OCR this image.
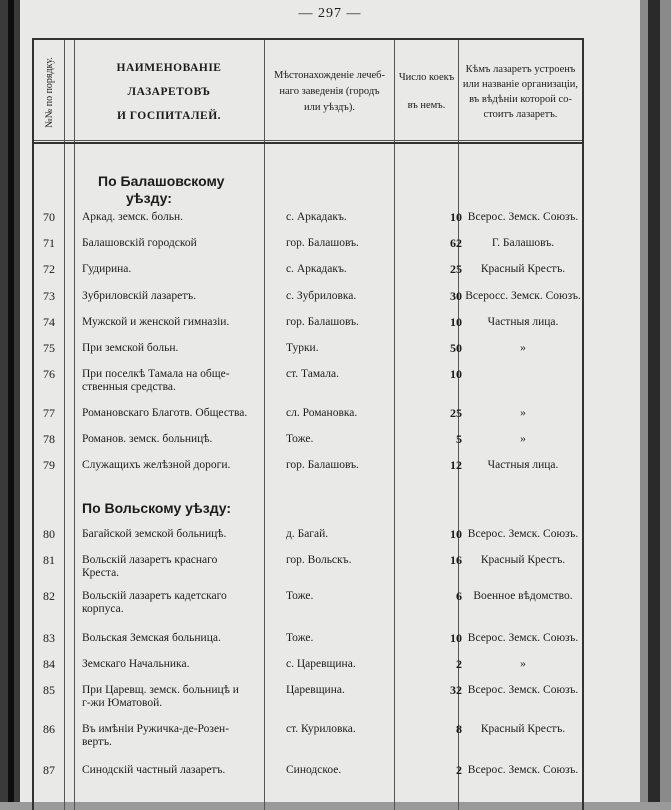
— 297 —
№№ по порядку.	НАИМЕНОВАНIЕ ЛАЗАРЕТОВЪ
И ГОСПИТАЛЕЙ.
Мѣстонахожденiе лечеб-
наго заведенiя (городъ
или уѣздъ).
Число коекъ
въ немъ.
Кѣмъ лазаретъ устроенъ
или названiе организацiи,
въ вѣдѣнiи которой со-
стоитъ лазаретъ.
По Балашовскому
уѣзду:
70	Аркад. земск. больн.	с. Аркадакъ.	10 Всерос. Земск. Союзъ.
71	Балашовскiй городской	гор. Балашовъ.	62	Г. Балашовъ.
72	Гудирина.	с. Аркадакъ.	25	Красный Крестъ.
73	Зубриловскiй лазаретъ.	с. Зубриловка.	30 Всеросс. Земск. Союзъ.
74	Мужской и женской гимназiи.	гор. Балашовъ.	10	Частныя лица.
75	При земской больн.	Турки.	50	»
76	При поселкѣ Тамала на обще-
ственныя средства.
ст. Тамала.	10
77	Романовскаго Благотв. Общества.	сл. Романовка.	25	»
78	Романов. земск. больницѣ.	Тоже.	5	»
79	Служащихъ желѣзной дороги.	гор. Балашовъ.	12	Частныя лица.
По Вольскому уѣзду:
80	Багайской земской больницѣ.	д. Багай.	10 Всерос. Земск. Союзъ.
81	Вольскiй лазаретъ краснаго
Креста.
гор. Вольскъ.	16	Красный Крестъ.
82	Вольскiй лазаретъ кадетскаго
корпуса.
Тоже.	6 Военное вѣдомство.
83	Вольская Земская больница.	Тоже.	10 Всерос. Земск. Союзъ.
84	Земскаго Начальника.	с. Царевщина.	2	»
85	При Царевщ. земск. больницѣ и
г-жи Юматовой.
Царевщина.	32 Всерос. Земск. Союзъ.
86	Въ имѣнiи Ружичка-де-Розен-
вертъ.
ст. Куриловка.	8	Красный Крестъ.
87	Синодскiй частный лазаретъ.	Синодское.	2 Всерос. Земск. Союзъ.
